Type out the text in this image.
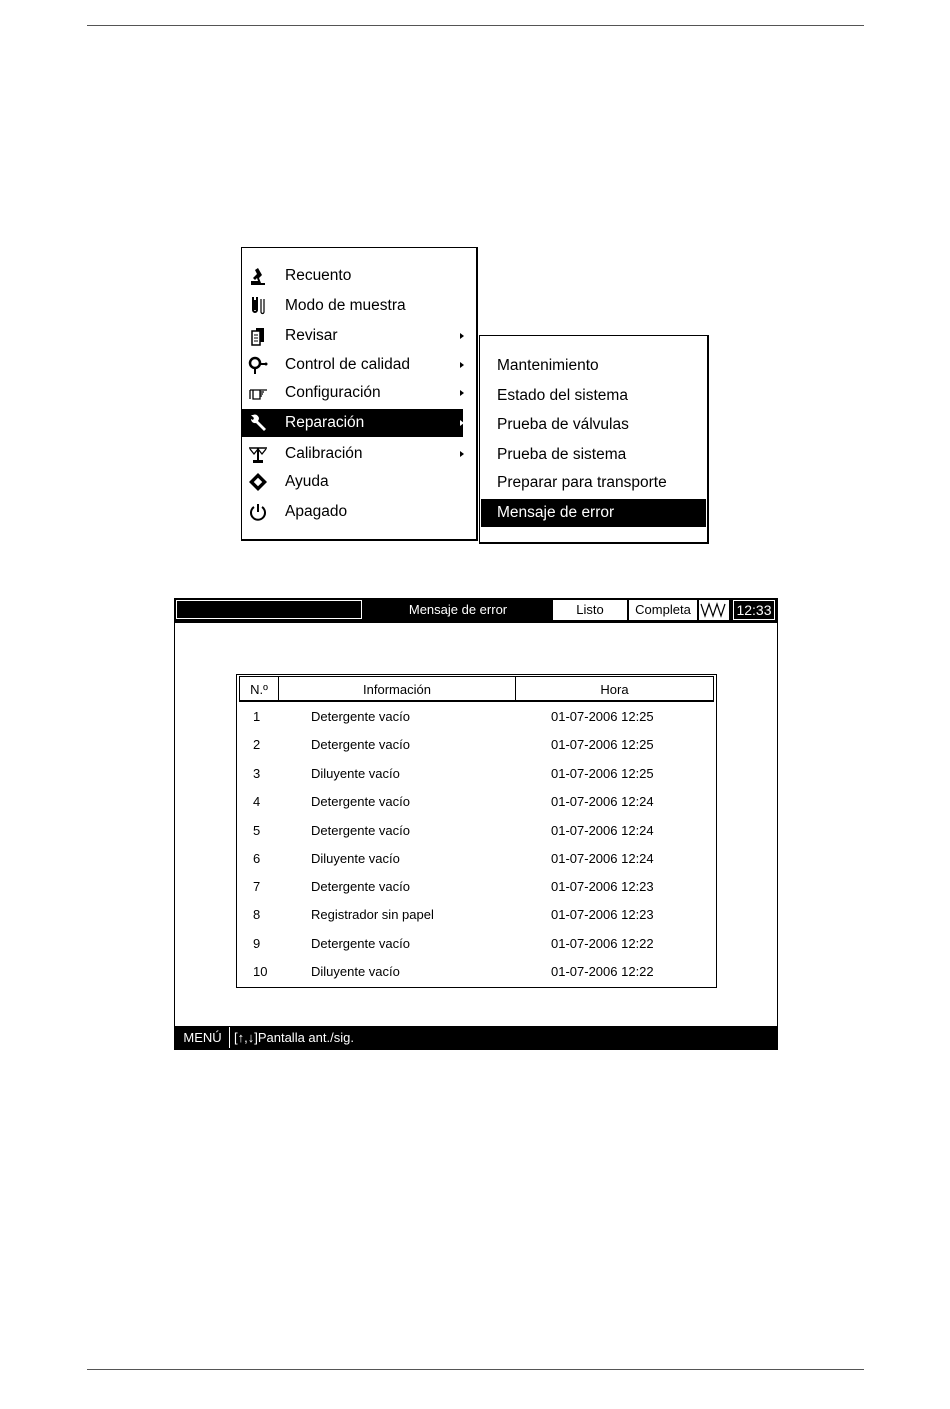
Recuento
Modo de muestra
Revisar
Control de calidad
Configuración
Reparación
Calibración
Ayuda
Apagado
Mantenimiento
Estado del sistema
Prueba de válvulas
Prueba de sistema
Preparar para transporte
Mensaje de error
Mensaje de error	Listo	Completa	12:33
N.º	Información	Hora
1	Detergente vacío	01-07-2006 12:25
2	Detergente vacío	01-07-2006 12:25
3	Diluyente vacío	01-07-2006 12:25
4	Detergente vacío	01-07-2006 12:24
5	Detergente vacío	01-07-2006 12:24
6	Diluyente vacío	01-07-2006 12:24
7	Detergente vacío	01-07-2006 12:23
8	Registrador sin papel	01-07-2006 12:23
9	Detergente vacío	01-07-2006 12:22
10	Diluyente vacío	01-07-2006 12:22
MENÚ [↑,↓]Pantalla ant./sig.
